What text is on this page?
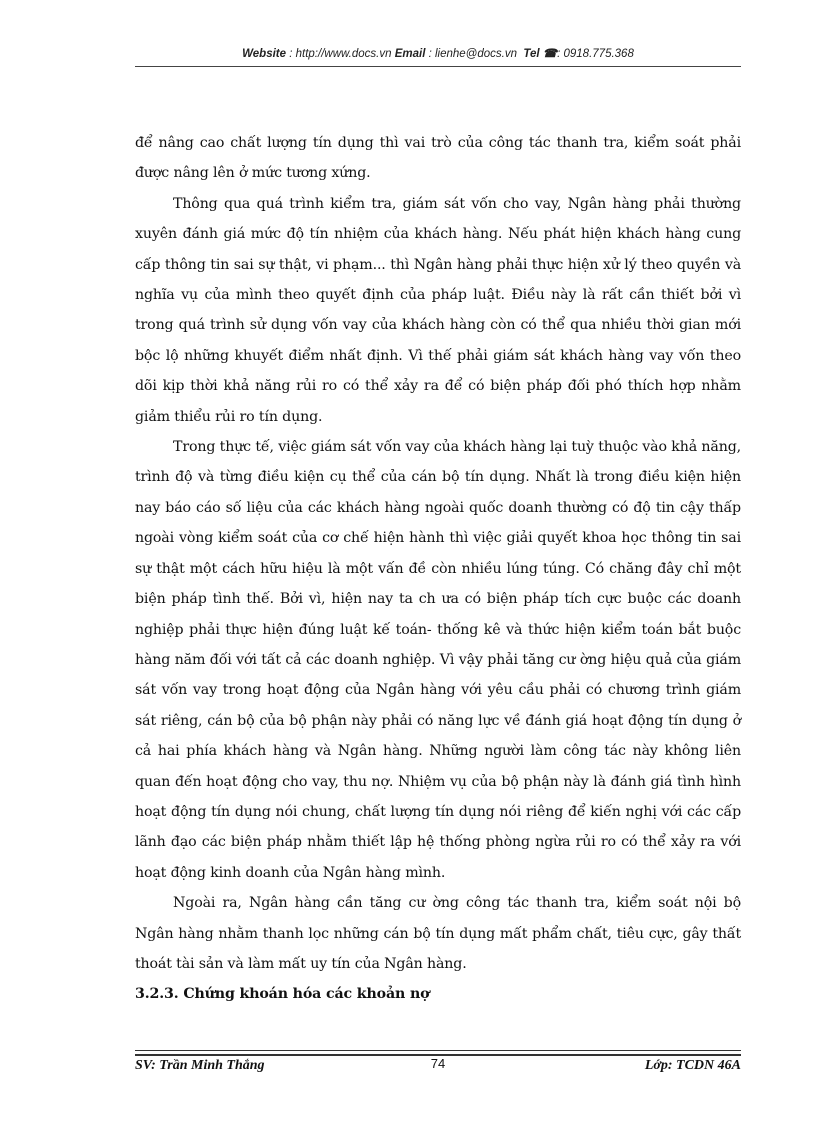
Website : http://www.docs.vn Email : lienhe@docs.vn Tel ☎: 0918.775.368

để nâng cao chất lượng tín dụng thì vai trò của công tác thanh tra, kiểm soát phải được nâng lên ở mức tương xứng.

Thông qua quá trình kiểm tra, giám sát vốn cho vay, Ngân hàng phải thường xuyên đánh giá mức độ tín nhiệm của khách hàng. Nếu phát hiện khách hàng cung cấp thông tin sai sự thật, vi phạm... thì Ngân hàng phải thực hiện xử lý theo quyền và nghĩa vụ của mình theo quyết định của pháp luật. Điều này là rất cần thiết bởi vì trong quá trình sử dụng vốn vay của khách hàng còn có thể qua nhiều thời gian mới bộc lộ những khuyết điểm nhất định. Vì thế phải giám sát khách hàng vay vốn theo dõi kịp thời khả năng rủi ro có thể xảy ra để có biện pháp đối phó thích hợp nhằm giảm thiểu rủi ro tín dụng.

Trong thực tế, việc giám sát vốn vay của khách hàng lại tuỳ thuộc vào khả năng, trình độ và từng điều kiện cụ thể của cán bộ tín dụng. Nhất là trong điều kiện hiện nay báo cáo số liệu của các khách hàng ngoài quốc doanh thường có độ tin cậy thấp ngoài vòng kiểm soát của cơ chế hiện hành thì việc giải quyết khoa học thông tin sai sự thật một cách hữu hiệu là một vấn đề còn nhiều lúng túng. Có chăng đây chỉ một biện pháp tình thế. Bởi vì, hiện nay ta ch ưa có biện pháp tích cực buộc các doanh nghiệp phải thực hiện đúng luật kế toán- thống kê và thức hiện kiểm toán bắt buộc hàng năm đối với tất cả các doanh nghiệp. Vì vậy phải tăng cư ờng hiệu quả của giám sát vốn vay trong hoạt động của Ngân hàng với yêu cầu phải có chương trình giám sát riêng, cán bộ của bộ phận này phải có năng lực về đánh giá hoạt động tín dụng ở cả hai phía khách hàng và Ngân hàng. Những người làm công tác này không liên quan đến hoạt động cho vay, thu nợ. Nhiệm vụ của bộ phận này là đánh giá tình hình hoạt động tín dụng nói chung, chất lượng tín dụng nói riêng để kiến nghị với các cấp lãnh đạo các biện pháp nhằm thiết lập hệ thống phòng ngừa rủi ro có thể xảy ra với hoạt động kinh doanh của Ngân hàng mình.

Ngoài ra, Ngân hàng cần tăng cư ờng công tác thanh tra, kiểm soát nội bộ Ngân hàng nhằm thanh lọc những cán bộ tín dụng mất phẩm chất, tiêu cực, gây thất thoát tài sản và làm mất uy tín của Ngân hàng.

3.2.3. Chứng khoán hóa các khoản nợ

SV: Trần Minh Thắng	74	Lớp: TCDN 46A
